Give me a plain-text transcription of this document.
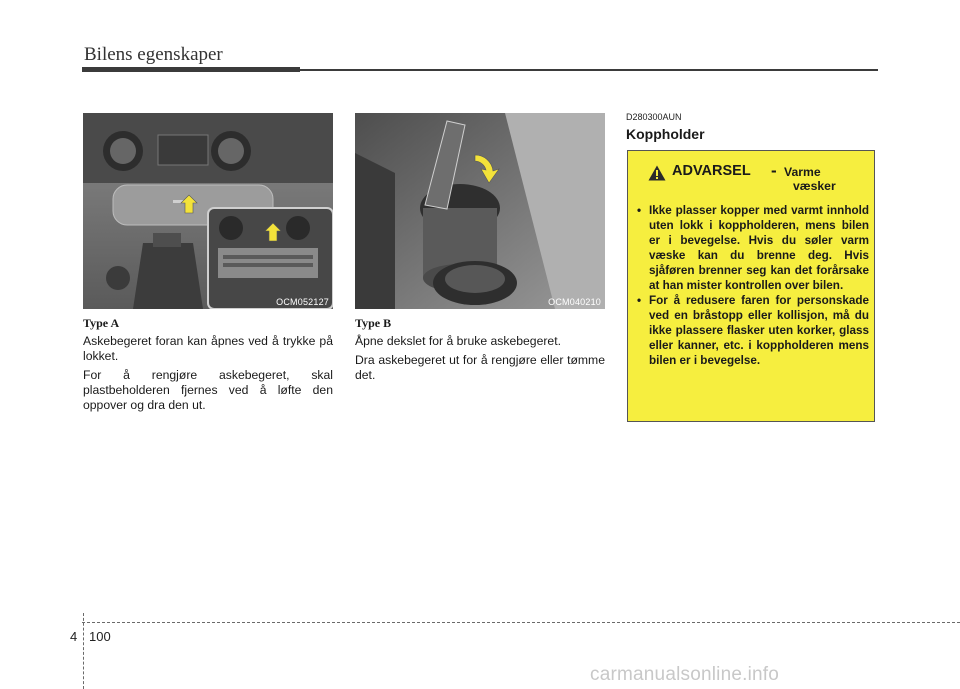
Bilens egenskaper
OCM052127	OCM040210
Type A

Askebegeret foran kan åpnes ved å trykke på lokket.

For å rengjøre askebegeret, skal plastbeholderen fjernes ved å løfte den oppover og dra den ut.

Type B

Åpne dekslet for å bruke askebegeret.

Dra askebegeret ut for å rengjøre eller tømme det.

D280300AUN
Koppholder
ADVARSEL - Varme
væsker
• Ikke plasser kopper med varmt innhold uten lokk i koppholderen, mens bilen er i bevegelse. Hvis du søler varm væske kan du brenne deg. Hvis sjåføren brenner seg kan det forårsake at han mister kontrollen over bilen.
• For å redusere faren for personskade ved en bråstopp eller kollisjon, må du ikke plassere flasker uten korker, glass eller kanner, etc. i koppholderen mens bilen er i bevegelse.
4 100
carmanualsonline.info
